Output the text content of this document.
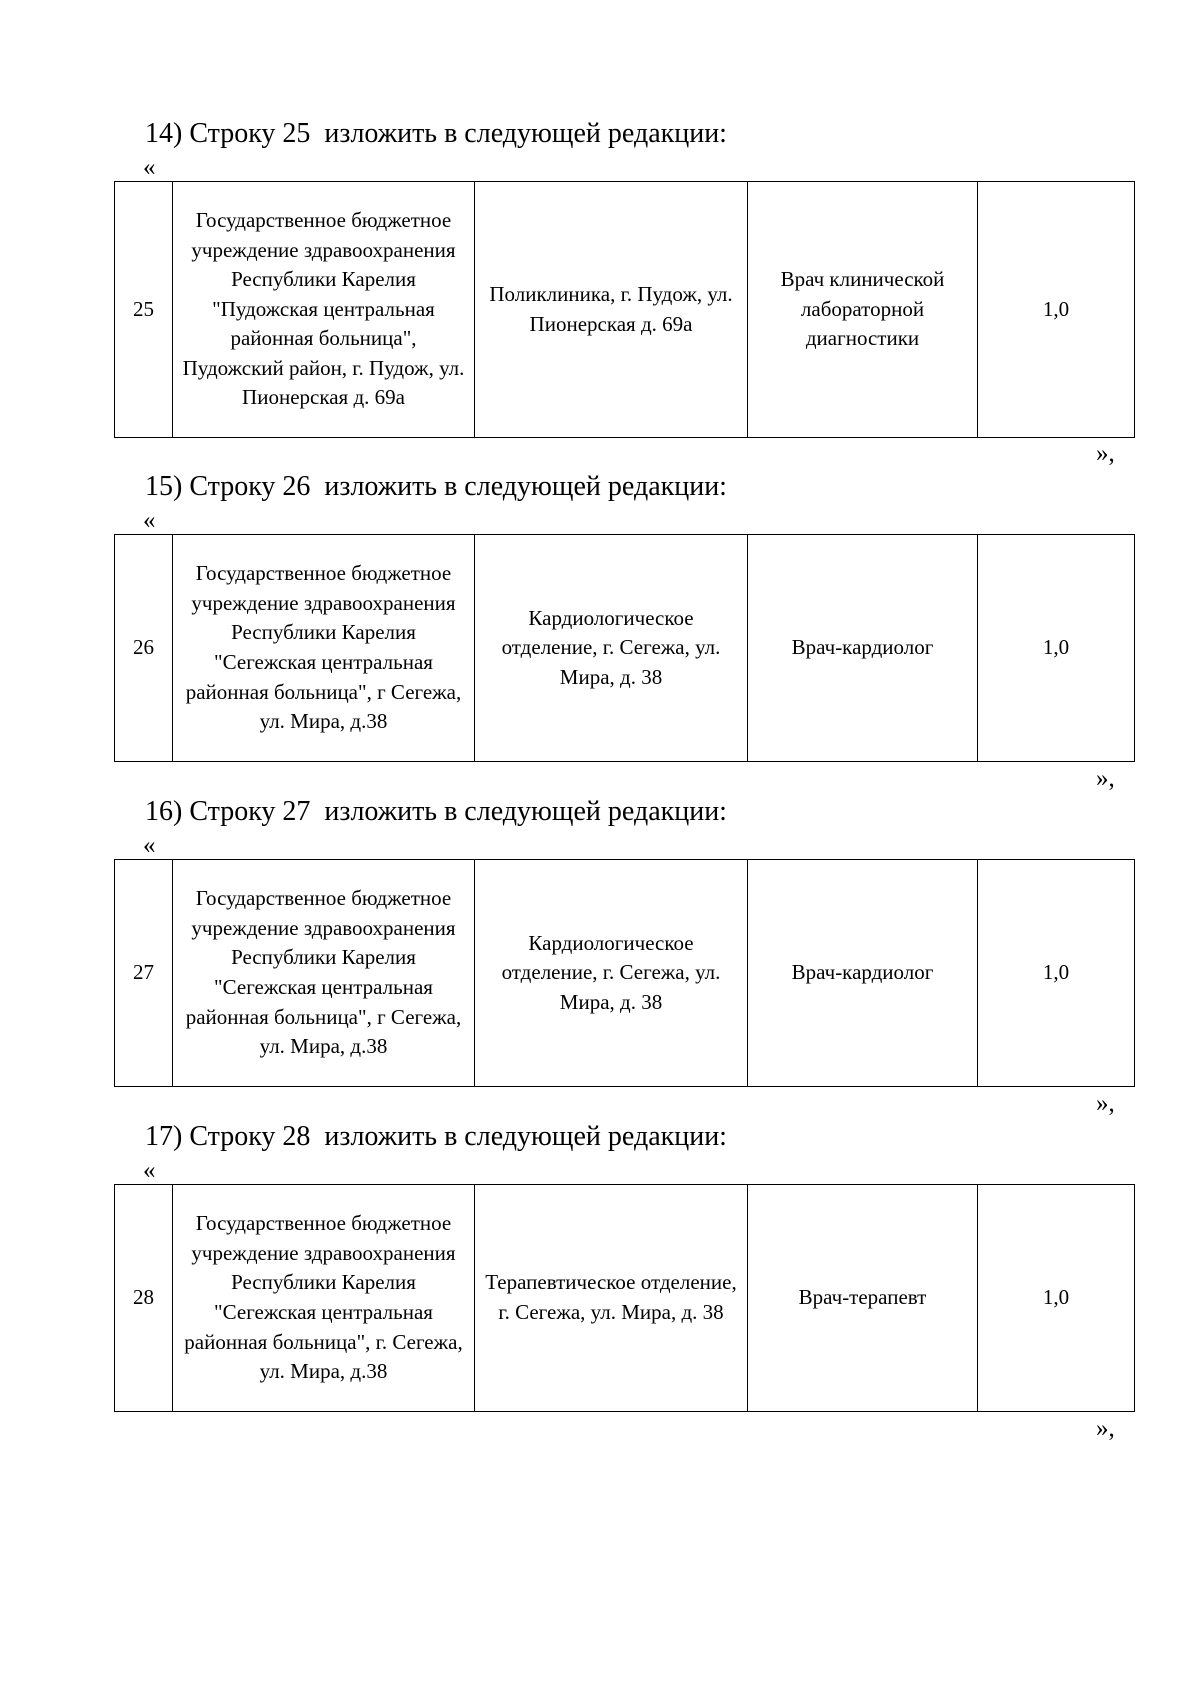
14) Строку 25  изложить в следующей редакции:
«
25	Государственное бюджетное учреждение здравоохранения Республики Карелия "Пудожская центральная районная больница", Пудожский район, г. Пудож, ул. Пионерская д. 69а	Поликлиника, г. Пудож, ул. Пионерская д. 69а	Врач клинической лабораторной диагностики	1,0
»,
15) Строку 26  изложить в следующей редакции:
«
26	Государственное бюджетное учреждение здравоохранения Республики Карелия "Сегежская центральная районная больница", г Сегежа, ул. Мира, д.38	Кардиологическое отделение, г. Сегежа, ул. Мира, д. 38	Врач-кардиолог	1,0
»,
16) Строку 27  изложить в следующей редакции:
«
27	Государственное бюджетное учреждение здравоохранения Республики Карелия "Сегежская центральная районная больница", г Сегежа, ул. Мира, д.38	Кардиологическое отделение, г. Сегежа, ул. Мира, д. 38	Врач-кардиолог	1,0
»,
17) Строку 28  изложить в следующей редакции:
«
28	Государственное бюджетное учреждение здравоохранения Республики Карелия "Сегежская центральная районная больница", г. Сегежа, ул. Мира, д.38	Терапевтическое отделение, г. Сегежа, ул. Мира, д. 38	Врач-терапевт	1,0
»,
